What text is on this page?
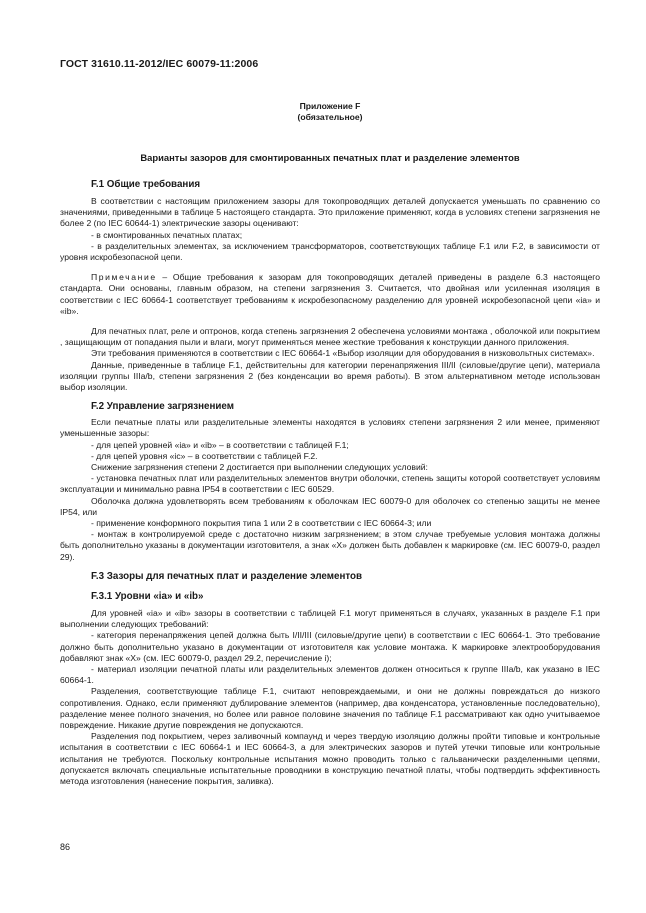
ГОСТ 31610.11-2012/IEC 60079-11:2006
Приложение F
(обязательное)
Варианты зазоров для смонтированных печатных плат и разделение элементов
F.1 Общие требования

В соответствии с настоящим приложением зазоры для токопроводящих деталей допускается уменьшать по сравнению со значениями, приведенными в таблице 5 настоящего стандарта. Это приложение применяют, когда в условиях степени загрязнения не более 2 (по IEC 60644-1) электрические зазоры оценивают:

- в смонтированных печатных платах;

- в разделительных элементах, за исключением трансформаторов, соответствующих таблице F.1 или F.2, в зависимости от уровня искробезопасной цепи.

Примечание – Общие требования к зазорам для токопроводящих деталей приведены в разделе 6.3 настоящего стандарта. Они основаны, главным образом, на степени загрязнения 3. Считается, что двойная или усиленная изоляция в соответствии с IEC 60664-1 соответствует требованиям к искробезопасному разделению для уровней искробезопасной цепи «ia» и «ib».

Для печатных плат, реле и оптронов, когда степень загрязнения 2 обеспечена условиями монтажа , оболочкой или покрытием , защищающим от попадания пыли и влаги, могут применяться менее жесткие требования к конструкции данного приложения.

Эти требования применяются в соответствии с IEC 60664-1 «Выбор изоляции для оборудования в низковольтных системах».

Данные, приведенные в таблице F.1, действительны для категории перенапряжения III/II (силовые/другие цепи), материала изоляции группы IIIa/b, степени загрязнения 2 (без конденсации во время работы). В этом альтернативном методе использован выбор изоляции.

F.2 Управление загрязнением

Если печатные платы или разделительные элементы находятся в условиях степени загрязнения 2 или менее, применяют уменьшенные зазоры:

- для цепей уровней «ia» и «ib» – в соответствии с таблицей F.1;

- для цепей уровня «ic» – в соответствии с таблицей F.2.

Снижение загрязнения степени 2 достигается при выполнении следующих условий:

- установка печатных плат или разделительных элементов внутри оболочки, степень защиты которой соответствует условиям эксплуатации и минимально равна IP54 в соответствии с IEC 60529.

Оболочка должна удовлетворять всем требованиям к оболочкам IEC 60079-0 для оболочек со степенью защиты не менее IP54, или

- применение конформного покрытия типа 1 или 2 в соответствии с IEC 60664-3; или

- монтаж в контролируемой среде с достаточно низким загрязнением; в этом случае требуемые условия монтажа должны быть дополнительно указаны в документации изготовителя, а знак «X» должен быть добавлен к маркировке (см. IEC 60079-0, раздел 29).

F.3 Зазоры для печатных плат и разделение элементов
F.3.1 Уровни «ia» и «ib»

Для уровней «ia» и «ib» зазоры в соответствии с таблицей F.1 могут применяться в случаях, указанных в разделе F.1 при выполнении следующих требований:

- категория перенапряжения цепей должна быть I/II/III (силовые/другие цепи) в соответствии с IEC 60664-1. Это требование должно быть дополнительно указано в документации от изготовителя как условие монтажа. К маркировке электрооборудования добавляют знак «X» (см. IEC 60079-0, раздел 29.2, перечисление i);

- материал изоляции печатной платы или разделительных элементов должен относиться к группе IIIa/b, как указано в IEC 60664-1.

Разделения, соответствующие таблице F.1, считают неповреждаемыми, и они не должны повреждаться до низкого сопротивления. Однако, если применяют дублирование элементов (например, два конденсатора, установленные последовательно), разделение менее полного значения, но более или равное половине значения по таблице F.1 рассматривают как одно учитываемое повреждение. Никакие другие повреждения не допускаются.

Разделения под покрытием, через заливочный компаунд и через твердую изоляцию должны пройти типовые и контрольные испытания в соответствии с IEC 60664-1 и IEC 60664-3, а для электрических зазоров и путей утечки типовые или контрольные испытания не требуются. Поскольку контрольные испытания можно проводить только с гальванически разделенными цепями, допускается включать специальные испытательные проводники в конструкцию печатной платы, чтобы подтвердить эффективность метода изготовления (нанесение покрытия, заливка).

86
